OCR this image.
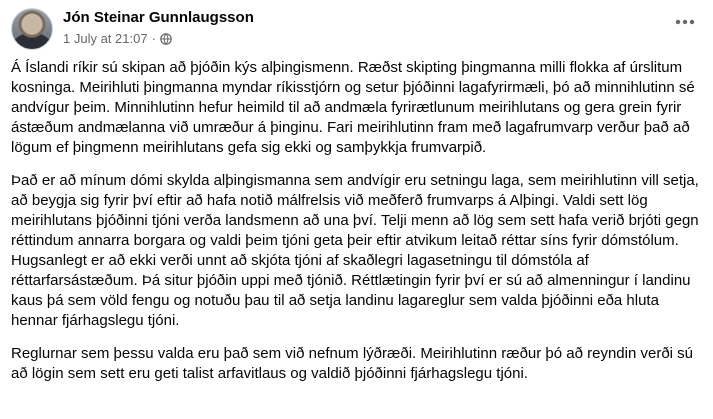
Jón Steinar Gunnlaugsson
1 July at 21:07 ·

Á Íslandi ríkir sú skipan að þjóðin kýs alþingismenn. Ræðst skipting þingmanna milli flokka af úrslitum kosninga. Meirihluti þingmanna myndar ríkisstjórn og setur þjóðinni lagafyrirmæli, þó að minnihlutinn sé andvígur þeim. Minnihlutinn hefur heimild til að andmæla fyrirætlunum meirihlutans og gera grein fyrir ástæðum andmælanna við umræður á þinginu. Fari meirihlutinn fram með lagafrumvarp verður það að lögum ef þingmenn meirihlutans gefa sig ekki og samþykkja frumvarpið.

Það er að mínum dómi skylda alþingismanna sem andvígir eru setningu laga, sem meirihlutinn vill setja, að beygja sig fyrir því eftir að hafa notið málfrelsis við meðferð frumvarps á Alþingi. Valdi sett lög meirihlutans þjóðinni tjóni verða landsmenn að una því. Telji menn að lög sem sett hafa verið brjóti gegn réttindum annarra borgara og valdi þeim tjóni geta þeir eftir atvikum leitað réttar síns fyrir dómstólum. Hugsanlegt er að ekki verði unnt að skjóta tjóni af skaðlegri lagasetningu til dómstóla af réttarfarsástæðum. Þá situr þjóðin uppi með tjónið. Réttlætingin fyrir því er sú að almenningur í landinu kaus þá sem völd fengu og notuðu þau til að setja landinu lagareglur sem valda þjóðinni eða hluta hennar fjárhagslegu tjóni.

Reglurnar sem þessu valda eru það sem við nefnum lýðræði. Meirihlutinn ræður þó að reyndin verði sú að lögin sem sett eru geti talist arfavitlaus og valdið þjóðinni fjárhagslegu tjóni.
